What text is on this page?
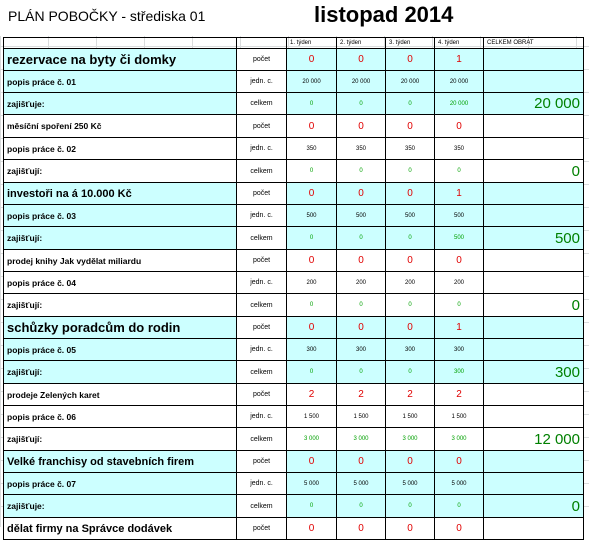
PLÁN POBOČKY - střediska 01	listopad 2014
		1. týden	2. týden	3. týden	4. týden	CELKEM OBRAT
rezervace na byty či domky	počet	0	0	0	1	
popis práce č. 01	jedn. c.	20 000	20 000	20 000	20 000	
zajišťuje:	celkem	0	0	0	20 000	20 000
měsíční spoření 250 Kč	počet	0	0	0	0	
popis práce č. 02	jedn. c.	350	350	350	350	
zajišťují:	celkem	0	0	0	0	0
investoři na á 10.000 Kč	počet	0	0	0	1	
popis práce č. 03	jedn. c.	500	500	500	500	
zajišťují:	celkem	0	0	0	500	500
prodej knihy Jak vydělat miliardu	počet	0	0	0	0	
popis práce č. 04	jedn. c.	200	200	200	200	
zajišťují:	celkem	0	0	0	0	0
schůzky poradcům do rodin	počet	0	0	0	1	
popis práce č. 05	jedn. c.	300	300	300	300	
zajišťují:	celkem	0	0	0	300	300
prodeje Zelených karet	počet	2	2	2	2	
popis práce č. 06	jedn. c.	1 500	1 500	1 500	1 500	
zajišťují:	celkem	3 000	3 000	3 000	3 000	12 000
Velké franchisy od stavebních firem	počet	0	0	0	0	
popis práce č. 07	jedn. c.	5 000	5 000	5 000	5 000	
zajišťuje:	celkem	0	0	0	0	0
dělat firmy na Správce dodávek	počet	0	0	0	0	
